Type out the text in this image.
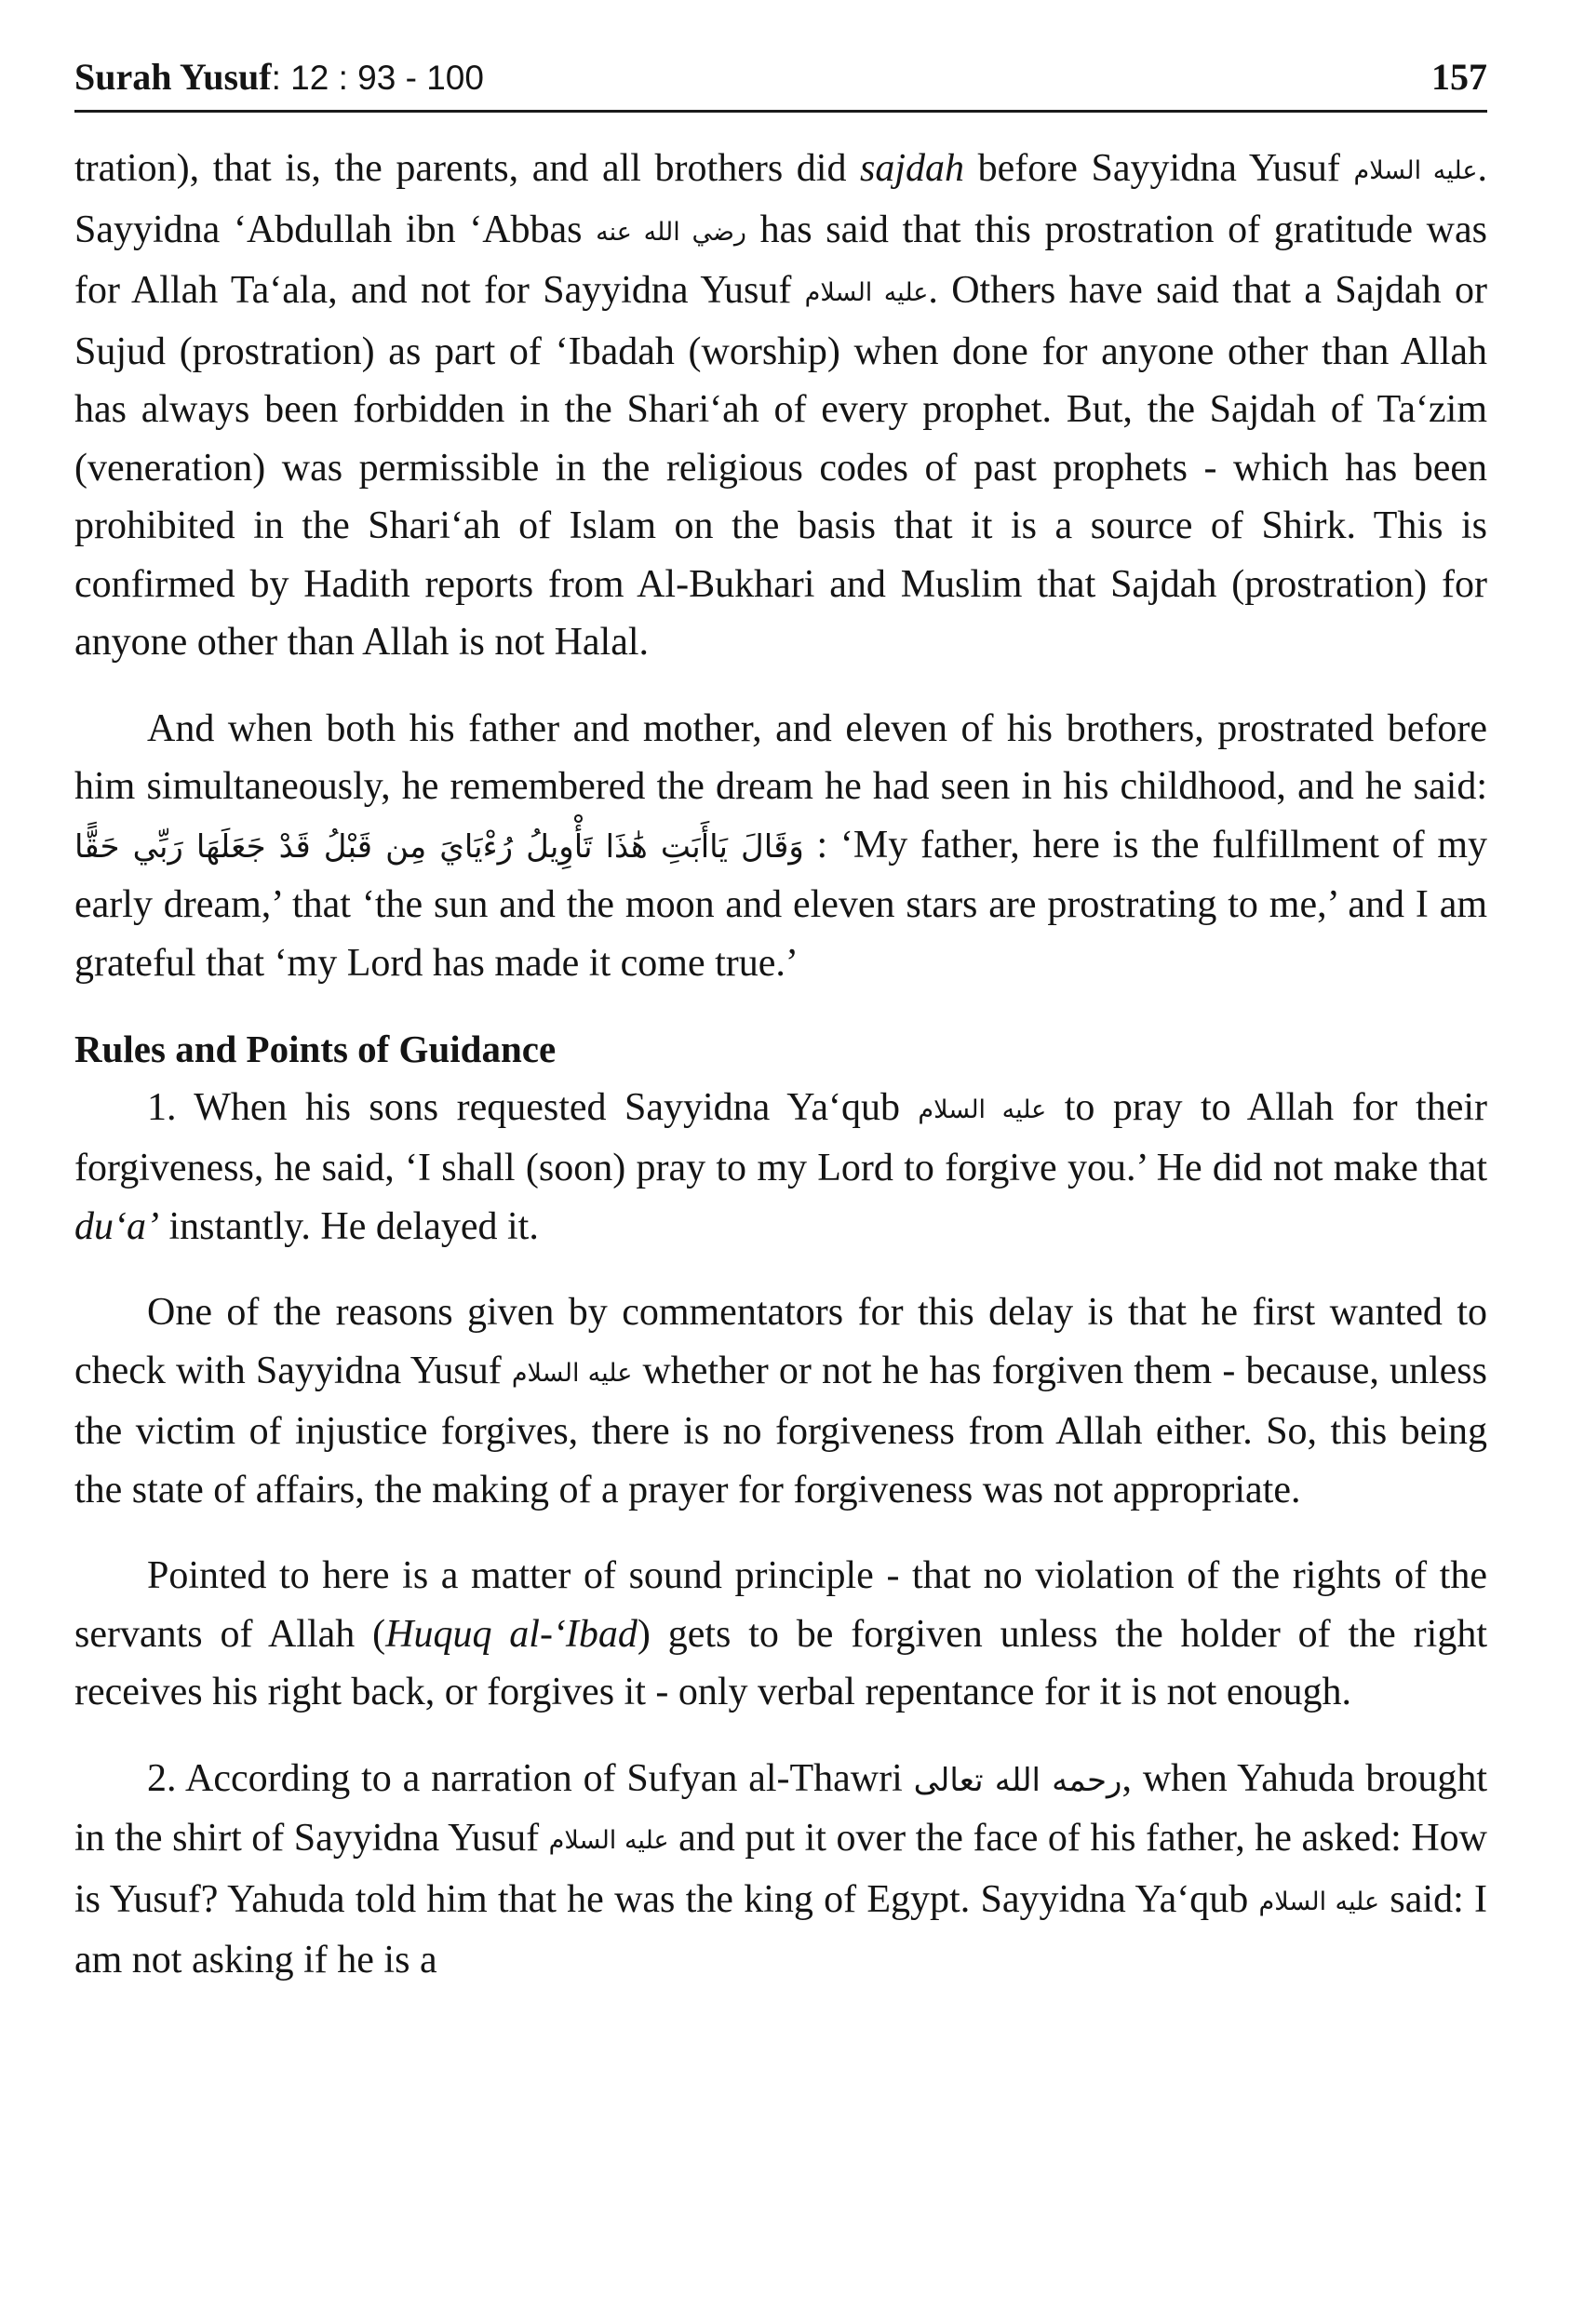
Surah Yusuf: 12 : 93 - 100	157

tration), that is, the parents, and all brothers did sajdah before Sayyidna Yusuf عليه السلام. Sayyidna ‘Abdullah ibn ‘Abbas رضي الله عنه has said that this prostration of gratitude was for Allah Ta‘ala, and not for Sayyidna Yusuf عليه السلام. Others have said that a Sajdah or Sujud (prostration) as part of ‘Ibadah (worship) when done for anyone other than Allah has always been forbidden in the Shari‘ah of every prophet. But, the Sajdah of Ta‘zim (veneration) was permissible in the religious codes of past prophets - which has been prohibited in the Shari‘ah of Islam on the basis that it is a source of Shirk. This is confirmed by Hadith reports from Al-Bukhari and Muslim that Sajdah (prostration) for anyone other than Allah is not Halal.

And when both his father and mother, and eleven of his brothers, prostrated before him simultaneously, he remembered the dream he had seen in his childhood, and he said: وَقَالَ يَاأَبَتِ هَٰذَا تَأْوِيلُ رُءْيَايَ مِن قَبْلُ قَدْ جَعَلَهَا رَبِّي حَقًّا : ‘My father, here is the fulfillment of my early dream,’ that ‘the sun and the moon and eleven stars are prostrating to me,’ and I am grateful that ‘my Lord has made it come true.’

Rules and Points of Guidance

1. When his sons requested Sayyidna Ya‘qub عليه السلام to pray to Allah for their forgiveness, he said, ‘I shall (soon) pray to my Lord to forgive you.’ He did not make that du‘a’ instantly. He delayed it.

One of the reasons given by commentators for this delay is that he first wanted to check with Sayyidna Yusuf عليه السلام whether or not he has forgiven them - because, unless the victim of injustice forgives, there is no forgiveness from Allah either. So, this being the state of affairs, the making of a prayer for forgiveness was not appropriate.

Pointed to here is a matter of sound principle - that no violation of the rights of the servants of Allah (Huquq al-‘Ibad) gets to be forgiven unless the holder of the right receives his right back, or forgives it - only verbal repentance for it is not enough.

2. According to a narration of Sufyan al-Thawri رحمه الله تعالى, when Yahuda brought in the shirt of Sayyidna Yusuf عليه السلام and put it over the face of his father, he asked: How is Yusuf? Yahuda told him that he was the king of Egypt. Sayyidna Ya‘qub عليه السلام said: I am not asking if he is a
